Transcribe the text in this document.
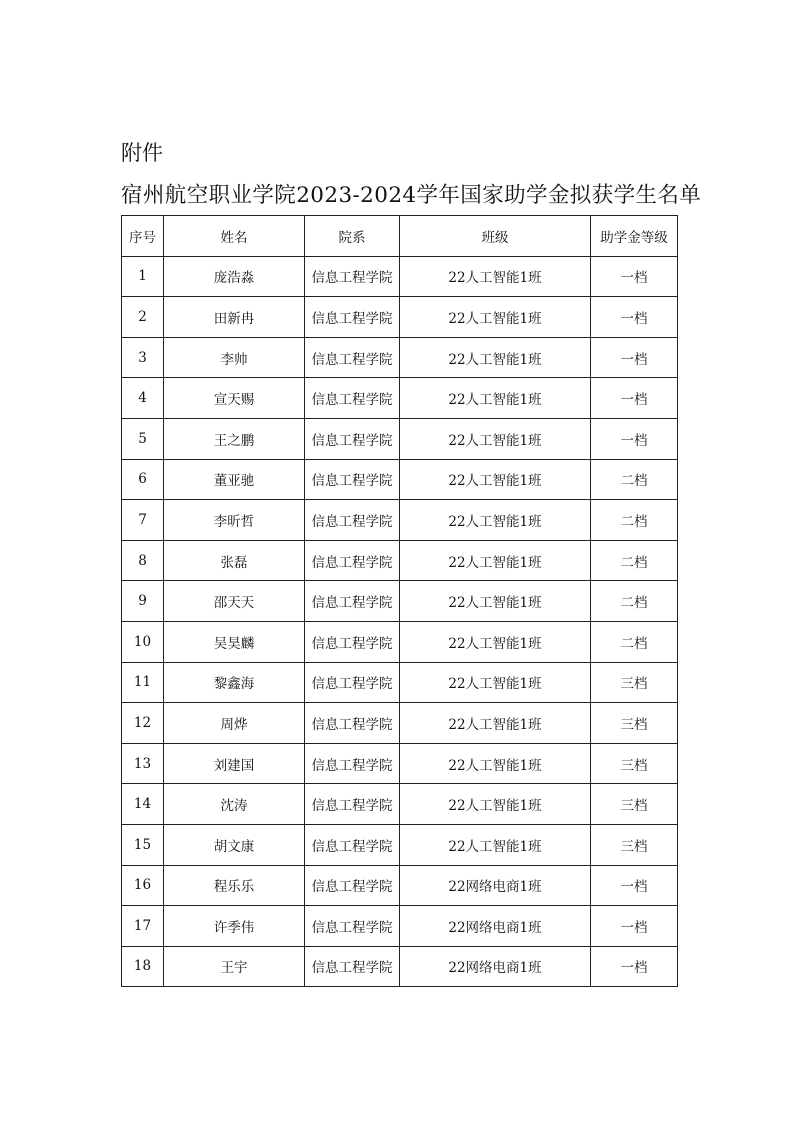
附件
宿州航空职业学院2023-2024学年国家助学金拟获学生名单
序号	姓名	院系	班级	助学金等级
1	庞浩淼	信息工程学院	22人工智能1班	一档
2	田新冉	信息工程学院	22人工智能1班	一档
3	李帅	信息工程学院	22人工智能1班	一档
4	宣天赐	信息工程学院	22人工智能1班	一档
5	王之鹏	信息工程学院	22人工智能1班	一档
6	董亚驰	信息工程学院	22人工智能1班	二档
7	李昕哲	信息工程学院	22人工智能1班	二档
8	张磊	信息工程学院	22人工智能1班	二档
9	邵天天	信息工程学院	22人工智能1班	二档
10	吴昊麟	信息工程学院	22人工智能1班	二档
11	黎鑫海	信息工程学院	22人工智能1班	三档
12	周烨	信息工程学院	22人工智能1班	三档
13	刘建国	信息工程学院	22人工智能1班	三档
14	沈涛	信息工程学院	22人工智能1班	三档
15	胡文康	信息工程学院	22人工智能1班	三档
16	程乐乐	信息工程学院	22网络电商1班	一档
17	许季伟	信息工程学院	22网络电商1班	一档
18	王宇	信息工程学院	22网络电商1班	一档
